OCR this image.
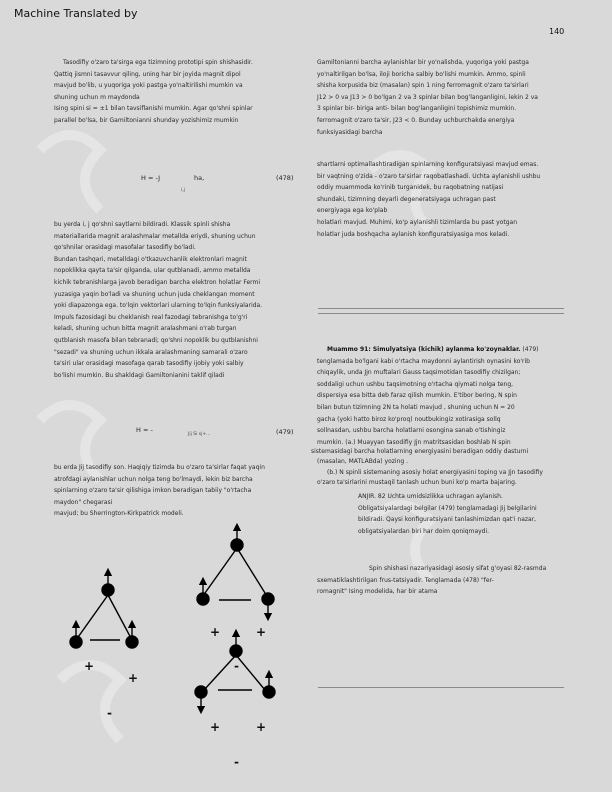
Machine Translated by
140

Tasodifiy o'zaro ta'sirga ega tizimning prototipi spin shishasidir.

Qattiq jismni tasavvur qiling, uning har bir joyida magnit dipol

mavjud bo'lib, u yuqoriga yoki pastga yo'naltirilishi mumkin va

shuning uchun m maydonda

Ising spini si = ±1 bilan tavsiflanishi mumkin. Agar qo'shni spinlar

parallel bo'lsa, bir Gamiltonianni shunday yozishimiz mumkin

H = -J	ha,
i,j
(478)

bu yerda i, j qo'shni saytlarni bildiradi. Klassik spinli shisha

materiallarida magnit aralashmalar metallda eriydi, shuning uchun

qo'shnilar orasidagi masofalar tasodifiy bo'ladi.

Bundan tashqari, metalldagi o'tkazuvchanlik elektronlari magnit

nopoklikka qayta ta'sir qilganda, ular qutblanadi, ammo metallda

kichik tebranishlarga javob beradigan barcha elektron holatlar Fermi

yuzasiga yaqin bo'ladi va shuning uchun juda cheklangan moment

yoki diapazonga ega. to'lqin vektorlari ularning to'lqin funksiyalarida.

Impuls fazosidagi bu cheklanish real fazodagi tebranishga to'g'ri

keladi, shuning uchun bitta magnit aralashmani o'rab turgan

qutblanish masofa bilan tebranadi; qo'shni nopoklik bu qutblanishni

"sezadi" va shuning uchun ikkala aralashmaning samarali o'zaro

ta'siri ular orasidagi masofaga qarab tasodifiy ijobiy yoki salbiy

bo'lishi mumkin. Bu shakldagi Gamiltonianini taklif qiladi

H = -
Jij Si sj+...	(479)

bu erda Jij tasodifiy son. Haqiqiy tizimda bu o'zaro ta'sirlar faqat yaqin

atrofdagi aylanishlar uchun nolga teng bo'lmaydi, lekin biz barcha

spinlarning o'zaro ta'sir qilishiga imkon beradigan tabiiy "o'rtacha

maydon" chegarasi

mavjud; bu Sherrington-Kirkpatrick modeli.

+
+
-
+	+
-
+	+
-

Gamiltonianni barcha aylanishlar bir yo'nalishda, yuqoriga yoki pastga

yo'naltirilgan bo'lsa, iloji boricha salbiy bo'lishi mumkin. Ammo, spinli

shisha korpusida biz (masalan) spin 1 ning ferromagnit o'zaro ta'sirlari

J12 > 0 va J13 > 0 bo'lgan 2 va 3 spinlar bilan bog'langanligini, lekin 2 va

3 spinlar bir- biriga anti- bilan bog'langanligini topishimiz mumkin.

ferromagnit o'zaro ta'sir, J23 < 0. Bunday uchburchakda energiya

funksiyasidagi barcha

shartlarni optimallashtiradigan spinlarning konfiguratsiyasi mavjud emas.

bir vaqtning o'zida - o'zaro ta'sirlar raqobatlashadi. Uchta aylanishli ushbu

oddiy muammoda ko'rinib turganidek, bu raqobatning natijasi

shundaki, tizimning deyarli degeneratsiyaga uchragan past

energiyaga ega ko'plab

holatlari mavjud. Muhimi, ko'p aylanishli tizimlarda bu past yotgan

holatlar juda boshqacha aylanish konfiguratsiyasiga mos keladi.

Muammo 91: Simulyatsiya (kichik) aylanma ko'zoynaklar. (479)

tenglamada bo'lgani kabi o'rtacha maydonni aylantirish oynasini ko'rib

chiqaylik, unda Jjn muftalari Gauss taqsimotidan tasodifiy chizilgan;

soddaligi uchun ushbu taqsimotning o'rtacha qiymati nolga teng,

dispersiya esa bitta deb faraz qilish mumkin. E'tibor bering, N spin

bilan butun tizimning 2N ta holati mavjud , shuning uchun N = 20

gacha (yoki hatto biroz ko'proq) noutbukingiz xotirasiga sollq

sollnasdan, ushbu barcha holatlarni osongina sanab o'tishingiz

mumkin. (a.) Muayyan tasodifiy Jjn matritsasidan boshlab N spin

sistemasidagi barcha holatlarning energiyasini beradigan oddiy dasturni

(masalan, MATLABda) yozing .

(b.) N spinli sistemaning asosiy holat energiyasini toping va Jjn tasodifiy

o'zaro ta'sirlarini mustaqil tanlash uchun buni ko'p marta bajaring.

ANJIR. 82 Uchta umidsizlikka uchragan aylanish.

Obligatsiyalardagi belgilar (479) tenglamadagi Jij belgilarini

bildiradi. Qaysi konfiguratsiyani tanlashimizdan qat'i nazar,

obligatsiyalardan biri har doim qoniqmaydi.

Spin shishasi nazariyasidagi asosiy sifat g'oyasi 82-rasmda

sxematiklashtirilgan frus-tatsiyadir. Tenglamada (478) "fer-

romagnit" Ising modelida, har bir atama
